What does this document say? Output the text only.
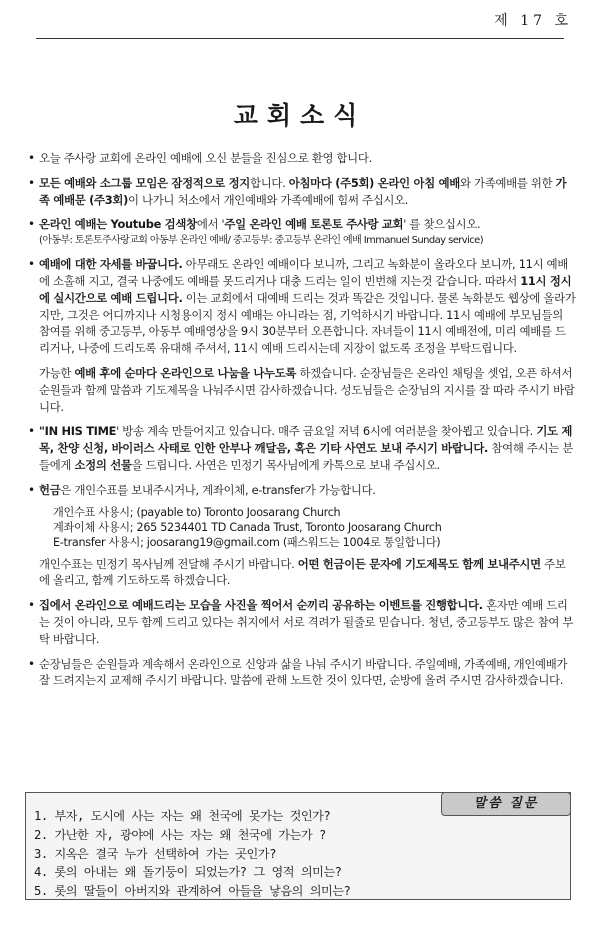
제 17 호
교회소식
• 오늘 주사랑 교회에 온라인 예배에 오신 분들을 진심으로 환영 합니다.

• 모든 예배와 소그룹 모임은 잠정적으로 정지합니다. 아침마다 (주5회) 온라인 아침 예배와 가족예배를 위한 가족 예배문 (주3회)이 나가니 처소에서 개인예배와 가족예배에 힘써 주십시오.

• 온라인 예배는 Youtube 검색창에서 '주일 온라인 예배 토론토 주사랑 교회' 를 찾으십시오.

(아동부: 토론토주사랑교회 아동부 온라인 예배/ 중고등부: 중고등부 온라인 예배 Immanuel Sunday service)

• 예배에 대한 자세를 바꿉니다. 아무래도 온라인 예배이다 보니까, 그리고 녹화분이 올라오다 보니까, 11시 예배에 소홀해 지고, 결국 나중에도 예배를 못드리거나 대충 드리는 일이 빈번해 지는것 같습니다. 따라서 11시 정시에 실시간으로 예배 드립니다. 이는 교회에서 대예배 드리는 것과 똑같은 것입니다. 물론 녹화분도 웹상에 올라가지만, 그것은 어디까지나 시청용이지 정시 예배는 아니라는 점, 기억하시기 바랍니다. 11시 예배에 부모님들의 참여를 위해 중고등부, 아동부 예배영상을 9시 30분부터 오픈합니다. 자녀들이 11시 예배전에, 미리 예배를 드리거나, 나중에 드리도록 유대해 주셔서, 11시 예배 드리시는데 지장이 없도록 조정을 부탁드립니다.

가능한 예배 후에 순마다 온라인으로 나눔을 나누도록 하겠습니다. 순장님들은 온라인 채팅을 셋업, 오픈 하셔서 순원들과 함께 말씀과 기도제목을 나눠주시면 감사하겠습니다. 성도님들은 순장님의 지시를 잘 따라 주시기 바랍니다.

• "IN HIS TIME' 방송 계속 만들어지고 있습니다. 매주 금요일 저녁 6시에 여러분을 찾아뵙고 있습니다. 기도 제목, 찬양 신청, 바이러스 사태로 인한 안부나 깨달음, 혹은 기타 사연도 보내 주시기 바랍니다. 참여해 주시는 분들에게 소정의 선물을 드립니다. 사연은 민정기 목사님에게 카톡으로 보내 주십시오.

• 헌금은 개인수표를 보내주시거나, 계좌이체, e-transfer가 가능합니다.

개인수표 사용시; (payable to) Toronto Joosarang Church
계좌이체 사용시; 265 5234401 TD Canada Trust, Toronto Joosarang Church
E-transfer 사용시; joosarang19@gmail.com (패스워드는 1004로 통일합니다)

개인수표는 민정기 목사님께 전달해 주시기 바랍니다. 어떤 헌금이든 문자에 기도제목도 함께 보내주시면 주보에 올리고, 함께 기도하도록 하겠습니다.

• 집에서 온라인으로 예배드리는 모습을 사진을 찍어서 순끼리 공유하는 이벤트를 진행합니다. 혼자만 예배 드리는 것이 아니라, 모두 함께 드리고 있다는 취지에서 서로 격려가 될줄로 믿습니다. 청년, 중고등부도 많은 참여 부탁 바랍니다.

• 순장님들은 순원들과 계속해서 온라인으로 신앙과 삶을 나눠 주시기 바랍니다. 주일예배, 가족예배, 개인예배가 잘 드려지는지 교제해 주시기 바랍니다. 말씀에 관해 노트한 것이 있다면, 순방에 올려 주시면 감사하겠습니다.

말씀 질문
1. 부자, 도시에 사는 자는 왜 천국에 못가는 것인가?
2. 가난한 자, 광야에 사는 자는 왜 천국에 가는가 ?
3. 지옥은 결국 누가 선택하여 가는 곳인가?
4. 롯의 아내는 왜 돌기둥이 되었는가? 그 영적 의미는?
5. 롯의 딸들이 아버지와 관계하여 아들을 낳음의 의미는?
